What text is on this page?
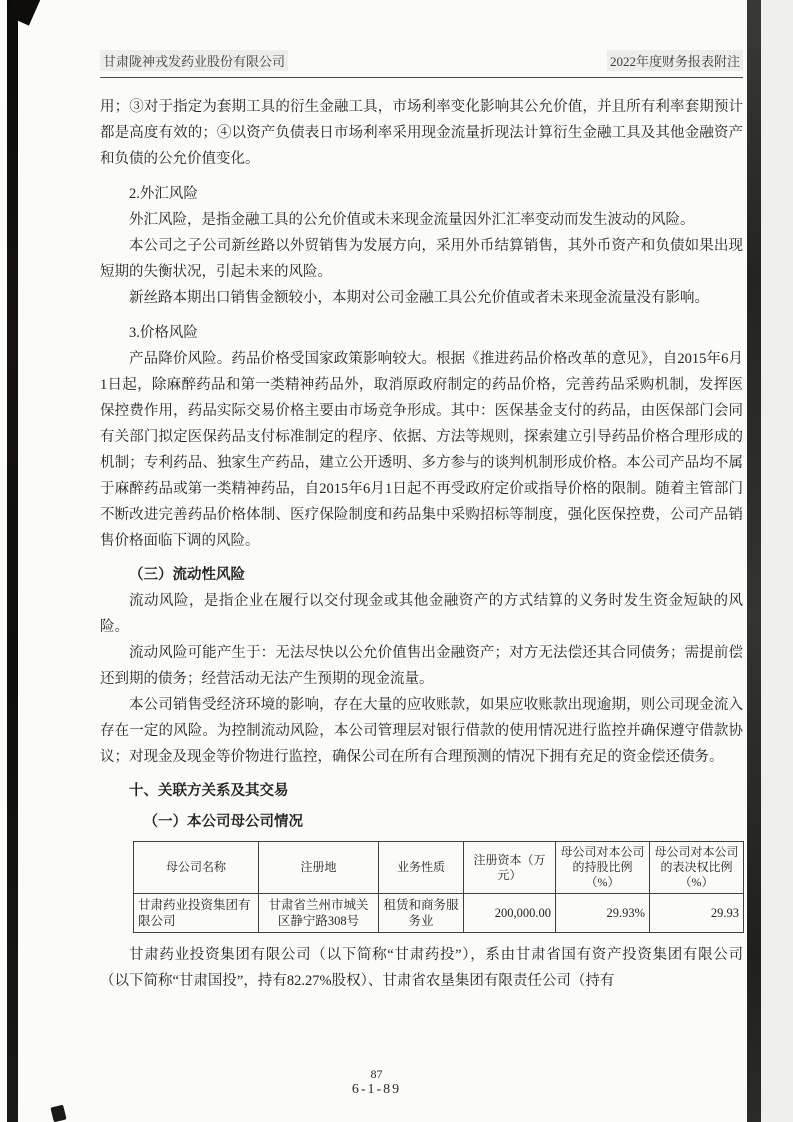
甘肃陇神戎发药业股份有限公司	2022年度财务报表附注

用；③对于指定为套期工具的衍生金融工具，市场利率变化影响其公允价值，并且所有利率套期预计都是高度有效的；④以资产负债表日市场利率采用现金流量折现法计算衍生金融工具及其他金融资产和负债的公允价值变化。

2.外汇风险

外汇风险，是指金融工具的公允价值或未来现金流量因外汇汇率变动而发生波动的风险。

本公司之子公司新丝路以外贸销售为发展方向，采用外币结算销售，其外币资产和负债如果出现短期的失衡状况，引起未来的风险。

新丝路本期出口销售金额较小，本期对公司金融工具公允价值或者未来现金流量没有影响。

3.价格风险

产品降价风险。药品价格受国家政策影响较大。根据《推进药品价格改革的意见》，自2015年6月1日起，除麻醉药品和第一类精神药品外，取消原政府制定的药品价格，完善药品采购机制，发挥医保控费作用，药品实际交易价格主要由市场竞争形成。其中：医保基金支付的药品，由医保部门会同有关部门拟定医保药品支付标准制定的程序、依据、方法等规则，探索建立引导药品价格合理形成的机制；专利药品、独家生产药品，建立公开透明、多方参与的谈判机制形成价格。本公司产品均不属于麻醉药品或第一类精神药品，自2015年6月1日起不再受政府定价或指导价格的限制。随着主管部门不断改进完善药品价格体制、医疗保险制度和药品集中采购招标等制度，强化医保控费，公司产品销售价格面临下调的风险。

（三）流动性风险

流动风险，是指企业在履行以交付现金或其他金融资产的方式结算的义务时发生资金短缺的风险。

流动风险可能产生于：无法尽快以公允价值售出金融资产；对方无法偿还其合同债务；需提前偿还到期的债务；经营活动无法产生预期的现金流量。

本公司销售受经济环境的影响，存在大量的应收账款，如果应收账款出现逾期，则公司现金流入存在一定的风险。为控制流动风险，本公司管理层对银行借款的使用情况进行监控并确保遵守借款协议；对现金及现金等价物进行监控，确保公司在所有合理预测的情况下拥有充足的资金偿还债务。

十、关联方关系及其交易

（一）本公司母公司情况

母公司名称	注册地	业务性质	注册资本（万元）	母公司对本公司的持股比例（%）	母公司对本公司的表决权比例（%）
甘肃药业投资集团有限公司	甘肃省兰州市城关区静宁路308号	租赁和商务服务业	200,000.00	29.93%	29.93

甘肃药业投资集团有限公司（以下简称“甘肃药投”），系由甘肃省国有资产投资集团有限公司（以下简称“甘肃国投”，持有82.27%股权）、甘肃省农垦集团有限责任公司（持有

87
6-1-89
